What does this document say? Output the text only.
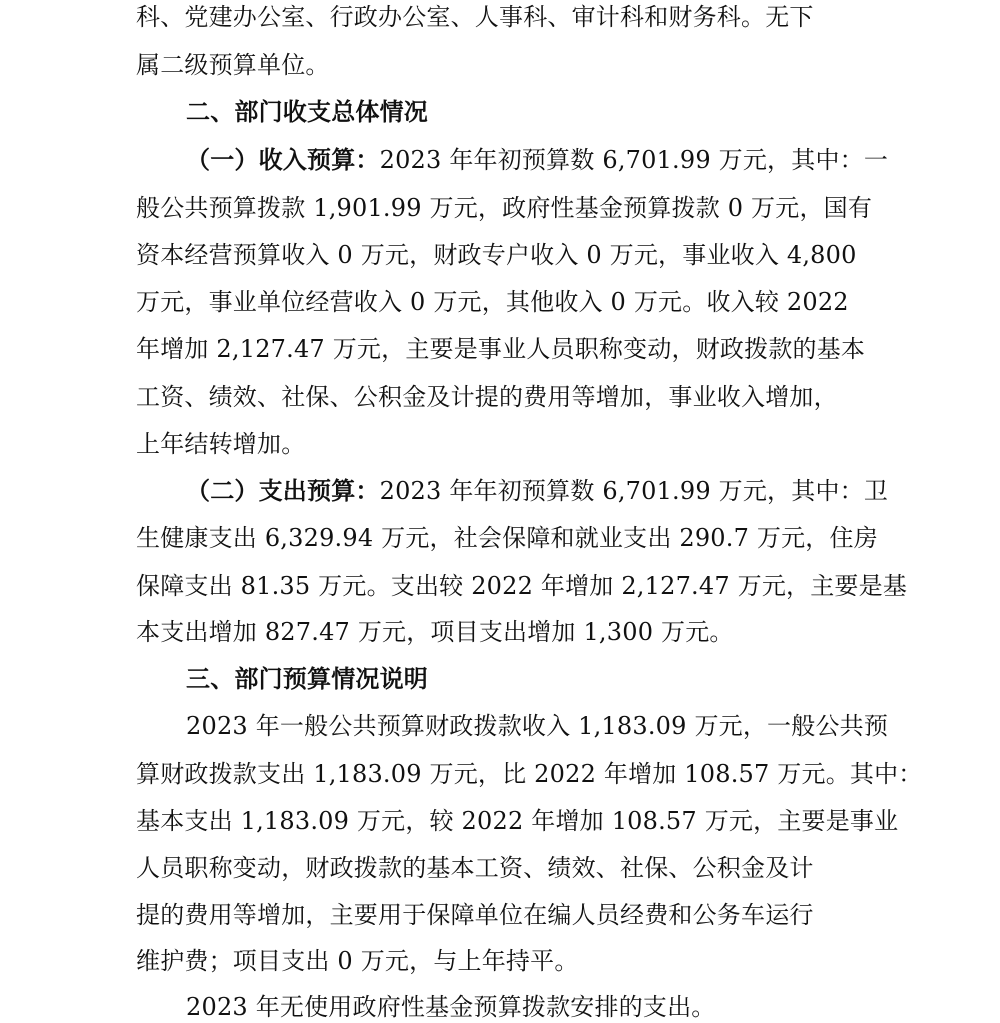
科、党建办公室、行政办公室、人事科、审计科和财务科。无下
属二级预算单位。
二、部门收支总体情况
（一）收入预算：2023 年年初预算数 6,701.99 万元，其中：一
般公共预算拨款 1,901.99 万元，政府性基金预算拨款 0 万元，国有
资本经营预算收入 0 万元，财政专户收入 0 万元，事业收入 4,800
万元，事业单位经营收入 0 万元，其他收入 0 万元。收入较 2022
年增加 2,127.47 万元，主要是事业人员职称变动，财政拨款的基本
工资、绩效、社保、公积金及计提的费用等增加，事业收入增加，
上年结转增加。
（二）支出预算：2023 年年初预算数 6,701.99 万元，其中：卫
生健康支出 6,329.94 万元，社会保障和就业支出 290.7 万元，住房
保障支出 81.35 万元。支出较 2022 年增加 2,127.47 万元，主要是基
本支出增加 827.47 万元，项目支出增加 1,300 万元。
三、部门预算情况说明
2023 年一般公共预算财政拨款收入 1,183.09 万元，一般公共预
算财政拨款支出 1,183.09 万元，比 2022 年增加 108.57 万元。其中：
基本支出 1,183.09 万元，较 2022 年增加 108.57 万元，主要是事业
人员职称变动，财政拨款的基本工资、绩效、社保、公积金及计
提的费用等增加，主要用于保障单位在编人员经费和公务车运行
维护费；项目支出 0 万元，与上年持平。
2023 年无使用政府性基金预算拨款安排的支出。
